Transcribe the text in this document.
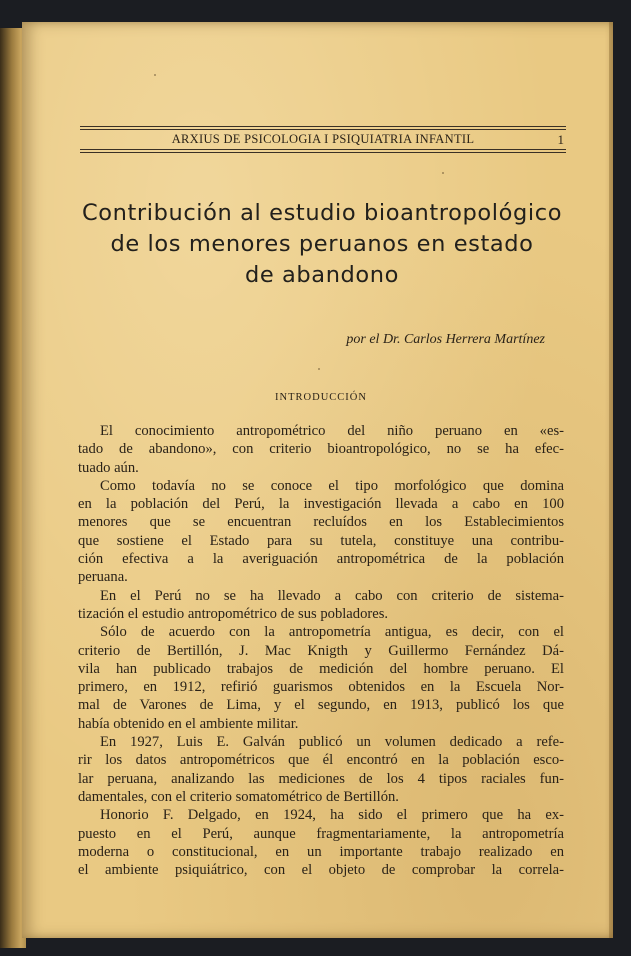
ARXIUS DE PSICOLOGIA I PSIQUIATRIA INFANTIL	1
Contribución al estudio bioantropológico
de los menores peruanos en estado
de abandono
por el Dr. Carlos Herrera Martínez
INTRODUCCIÓN
El conocimiento antropométrico del niño peruano en «es-
tado de abandono», con criterio bioantropológico, no se ha efec-
tuado aún.
Como todavía no se conoce el tipo morfológico que domina
en la población del Perú, la investigación llevada a cabo en 100
menores que se encuentran recluídos en los Establecimientos
que sostiene el Estado para su tutela, constituye una contribu-
ción efectiva a la averiguación antropométrica de la población
peruana.
En el Perú no se ha llevado a cabo con criterio de sistema-
tización el estudio antropométrico de sus pobladores.
Sólo de acuerdo con la antropometría antigua, es decir, con el
criterio de Bertillón, J. Mac Knigth y Guillermo Fernández Dá-
vila han publicado trabajos de medición del hombre peruano. El
primero, en 1912, refirió guarismos obtenidos en la Escuela Nor-
mal de Varones de Lima, y el segundo, en 1913, publicó los que
había obtenido en el ambiente militar.
En 1927, Luis E. Galván publicó un volumen dedicado a refe-
rir los datos antropométricos que él encontró en la población esco-
lar peruana, analizando las mediciones de los 4 tipos raciales fun-
damentales, con el criterio somatométrico de Bertillón.
Honorio F. Delgado, en 1924, ha sido el primero que ha ex-
puesto en el Perú, aunque fragmentariamente, la antropometría
moderna o constitucional, en un importante trabajo realizado en
el ambiente psiquiátrico, con el objeto de comprobar la correla-
